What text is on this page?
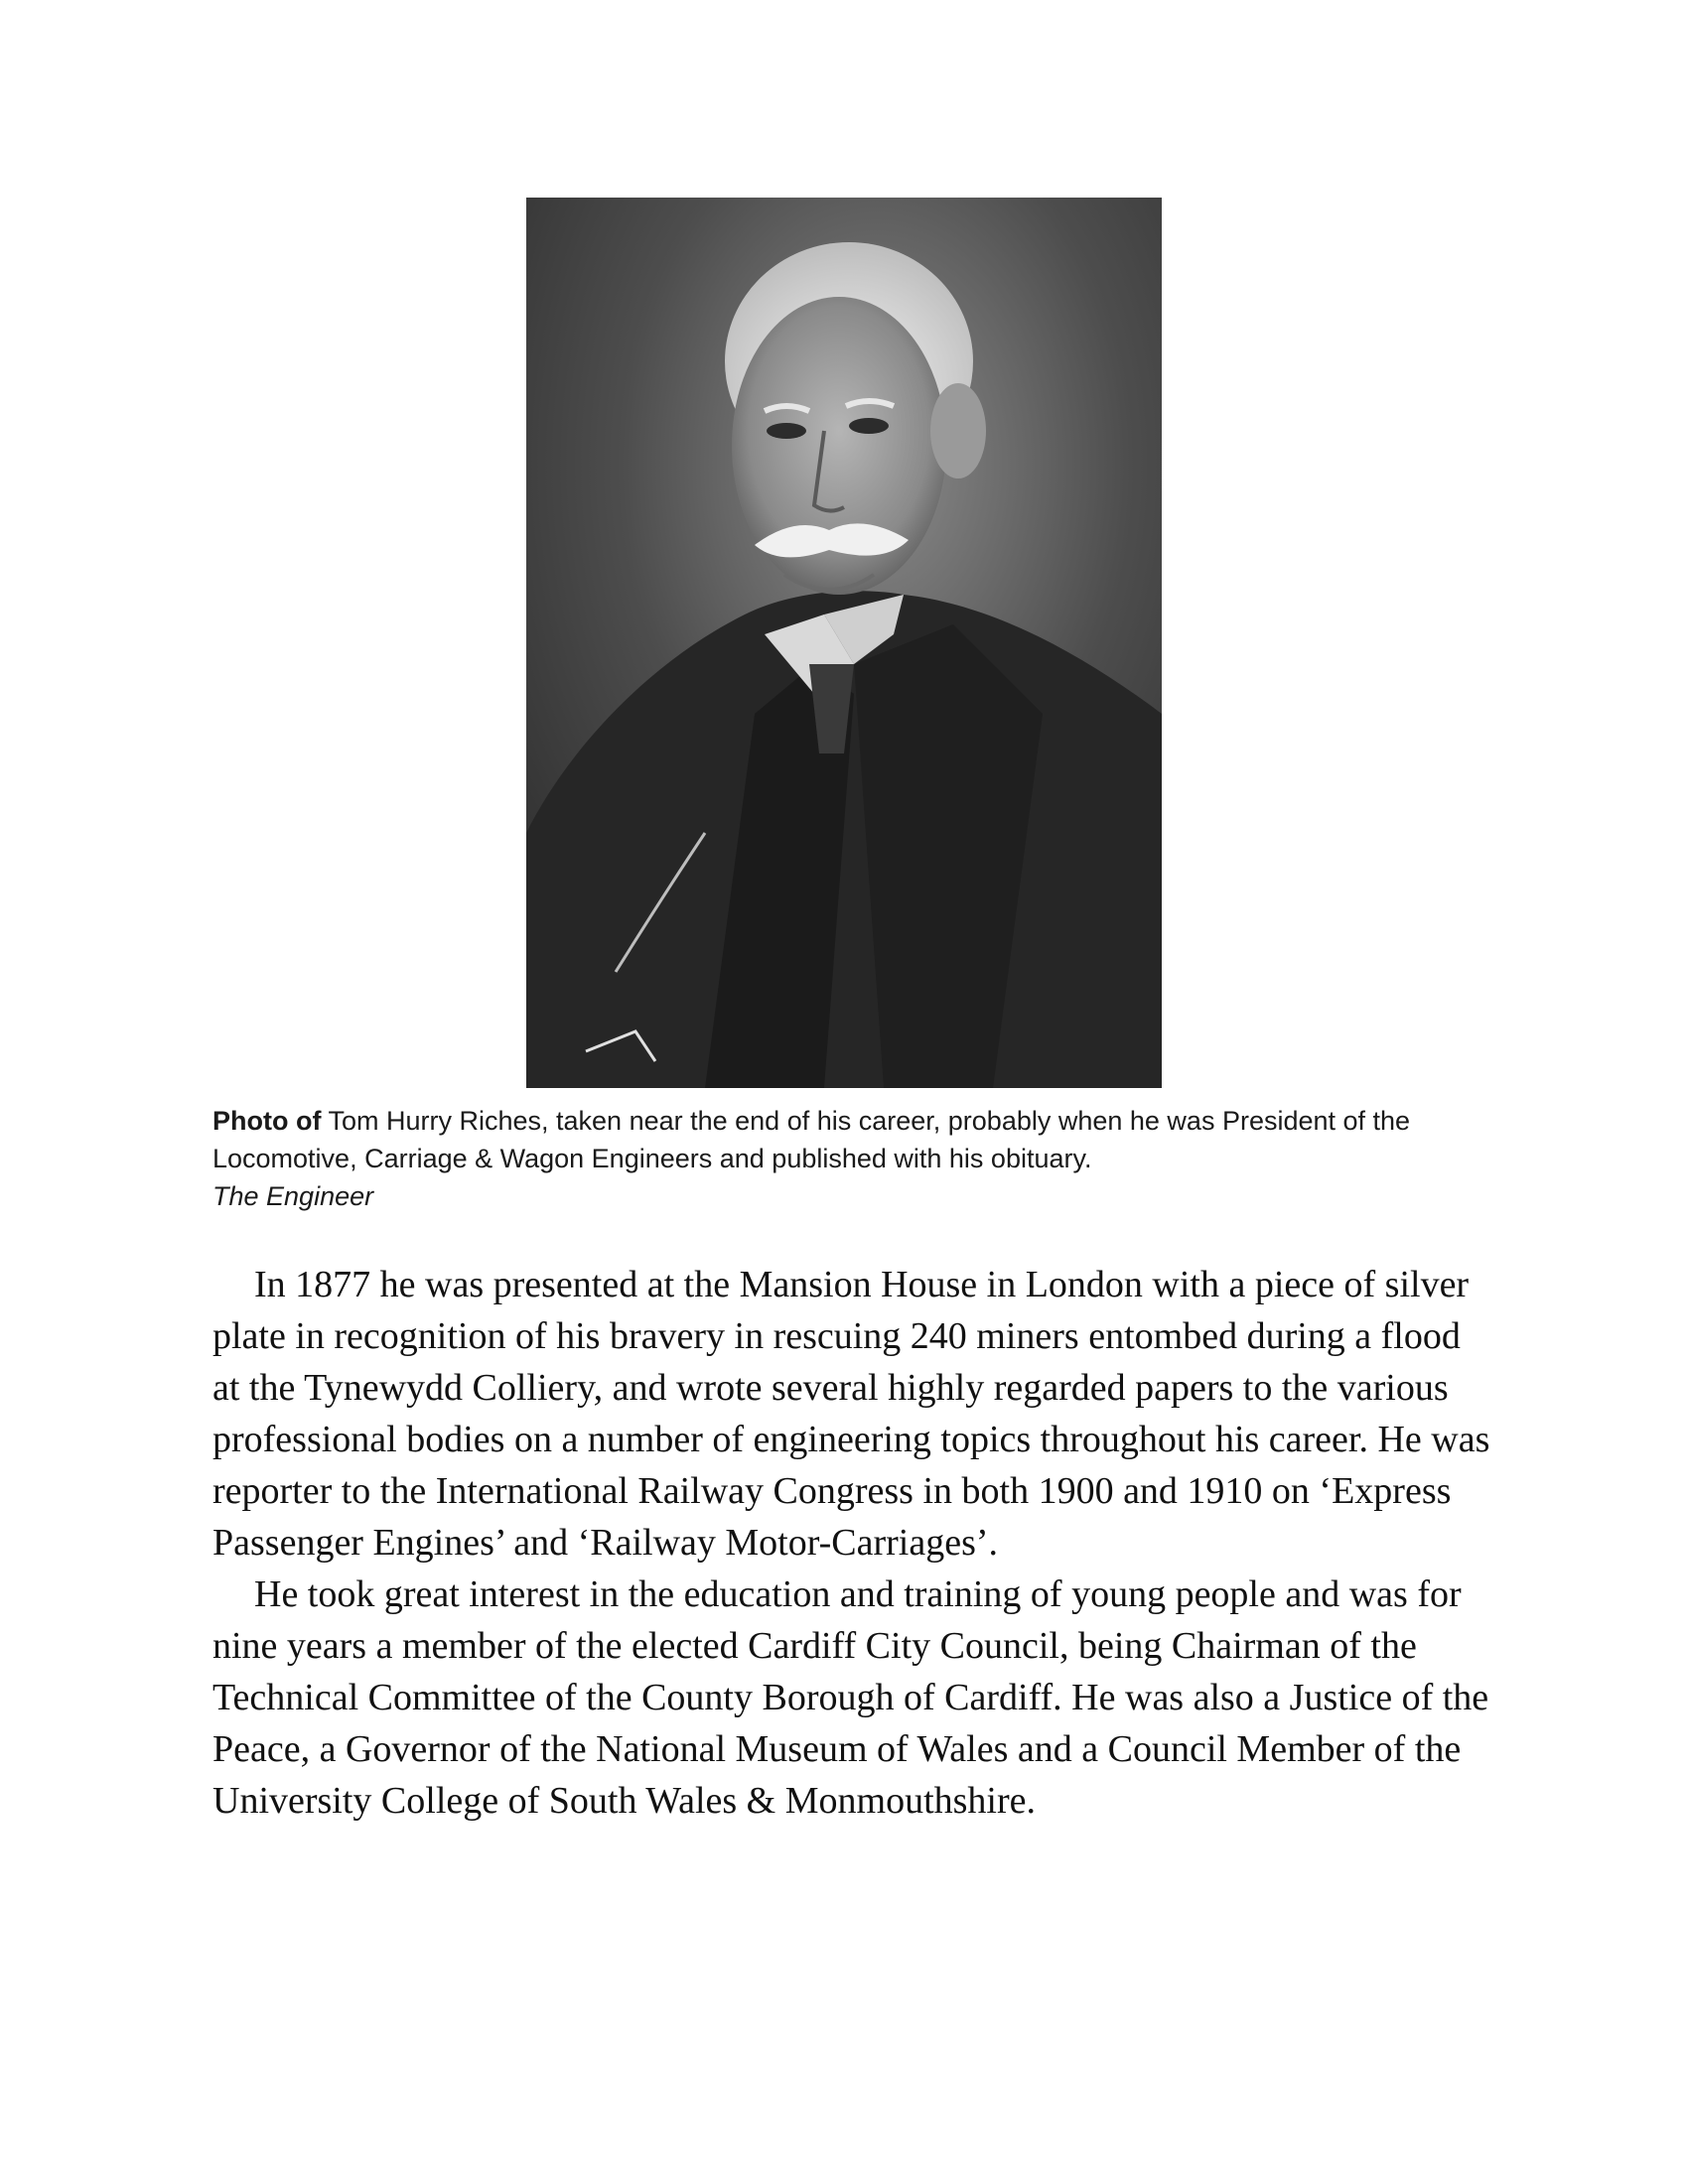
Photo of Tom Hurry Riches, taken near the end of his career, probably when he was President of the Locomotive, Carriage & Wagon Engineers and published with his obituary.
The Engineer

In 1877 he was presented at the Mansion House in London with a piece of silver plate in recognition of his bravery in rescuing 240 miners entombed during a flood at the Tynewydd Colliery, and wrote several highly regarded papers to the various professional bodies on a number of engineering topics throughout his career. He was reporter to the International Railway Congress in both 1900 and 1910 on ‘Express Passenger Engines’ and ‘Railway Motor-Carriages’.

He took great interest in the education and training of young people and was for nine years a member of the elected Cardiff City Council, being Chairman of the Technical Committee of the County Borough of Cardiff. He was also a Justice of the Peace, a Governor of the National Museum of Wales and a Council Member of the University College of South Wales & Monmouthshire.
